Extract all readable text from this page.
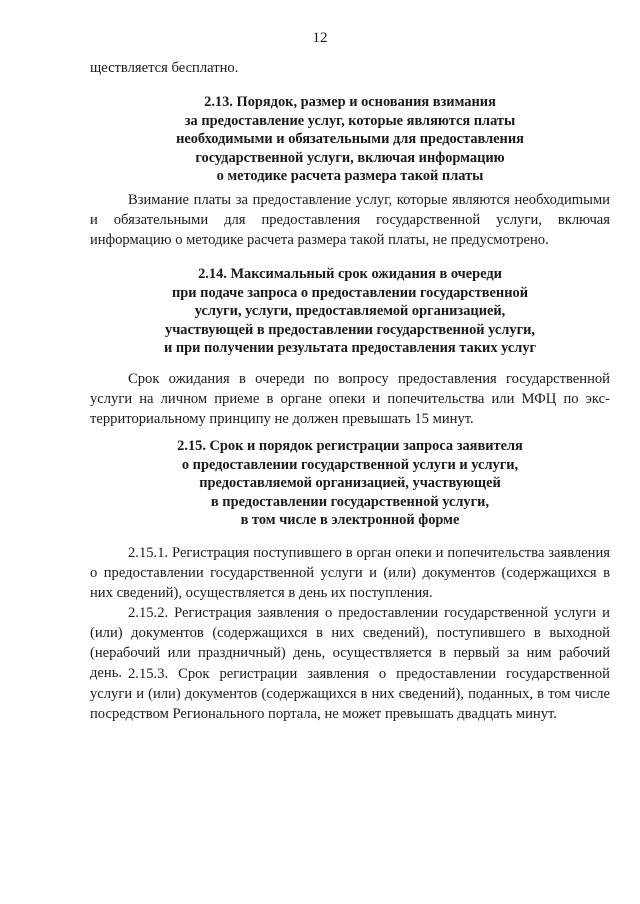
12
ществляется бесплатно.
2.13. Порядок, размер и основания взимания
за предоставление услуг, которые являются платы
необходимыми и обязательными для предоставления
государственной услуги, включая информацию
о методике расчета размера такой платы

Взимание платы за предоставление услуг, которые являются необходиmыми и обязательными для предоставления государственной услуги, включая информацию о методике расчета размера такой платы, не предусмотрено.

2.14. Максимальный срок ожидания в очереди
при подаче запроса о предоставлении государственной
услуги, услуги, предоставляемой организацией,
участвующей в предоставлении государственной услуги,
и при получении результата предоставления таких услуг

Срок ожидания в очереди по вопросу предоставления государственной услуги на личном приеме в органе опеки и попечительства или МФЦ по экстерриториальному принципу не должен превышать 15 минут.

2.15. Срок и порядок регистрации запроса заявителя
о предоставлении государственной услуги и услуги,
предоставляемой организацией, участвующей
в предоставлении государственной услуги,
в том числе в электронной форме

2.15.1. Регистрация поступившего в орган опеки и попечительства заявления о предоставлении государственной услуги и (или) документов (содержащихся в них сведений), осуществляется в день их поступления.

2.15.2. Регистрация заявления о предоставлении государственной услуги и (или) документов (содержащихся в них сведений), поступившего в выходной (нерабочий или праздничный) день, осуществляется в первый за ним рабочий день. 2.15.3. Срок регистрации заявления о предоставлении государственной услуги и (или) документов (содержащихся в них сведений), поданных, в том числе посредством Регионального портала, не может превышать двадцать минут.
